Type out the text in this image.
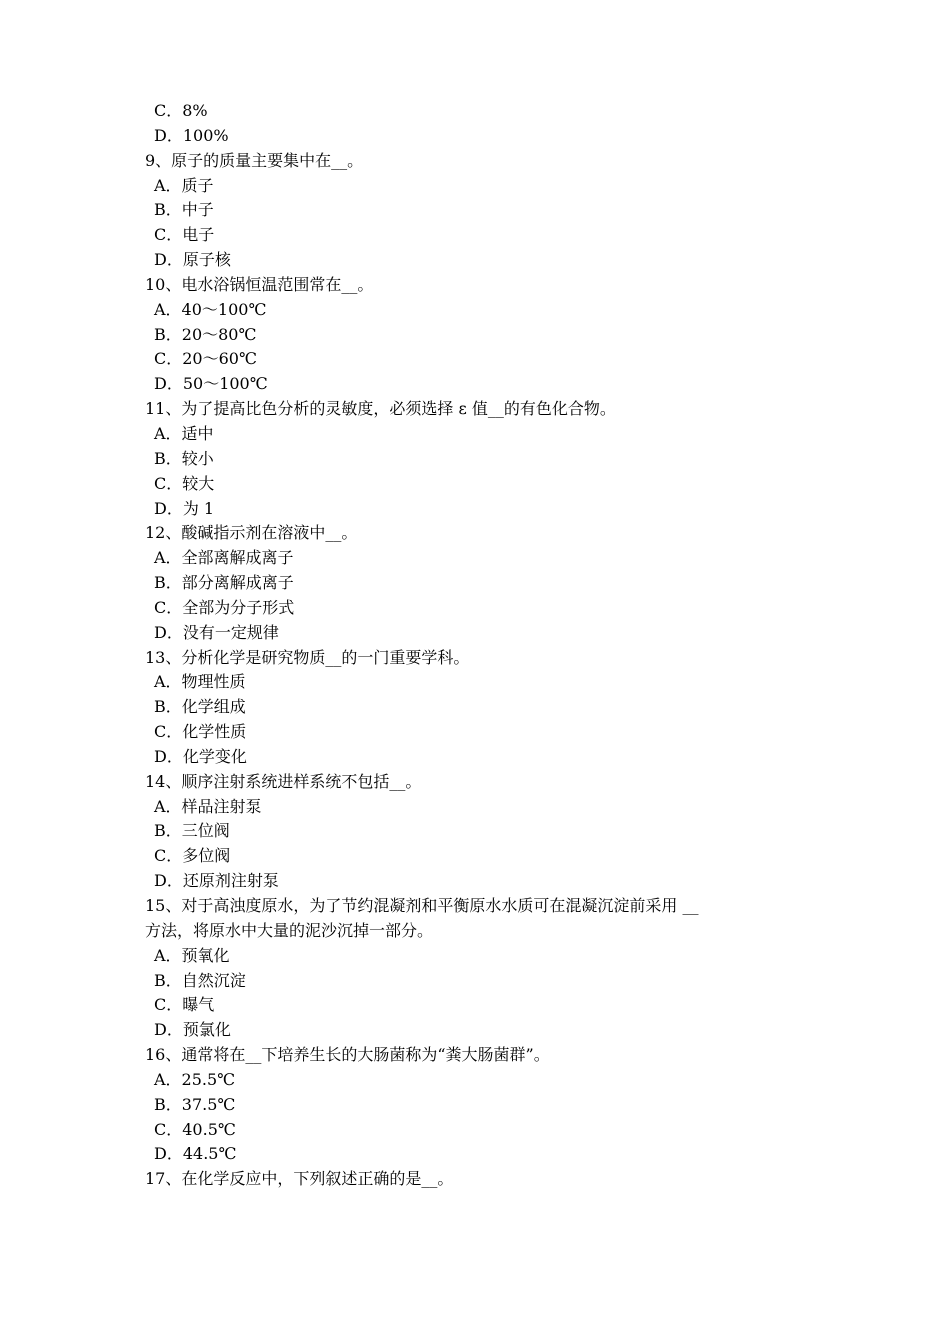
C．8%
D．100%
9、原子的质量主要集中在__。
A．质子
B．中子
C．电子
D．原子核
10、电水浴锅恒温范围常在__。
A．40～100℃
B．20～80℃
C．20～60℃
D．50～100℃
11、为了提高比色分析的灵敏度，必须选择 ε 值__的有色化合物。
A．适中
B．较小
C．较大
D．为 1
12、酸碱指示剂在溶液中__。
A．全部离解成离子
B．部分离解成离子
C．全部为分子形式
D．没有一定规律
13、分析化学是研究物质__的一门重要学科。
A．物理性质
B．化学组成
C．化学性质
D．化学变化
14、顺序注射系统进样系统不包括__。
A．样品注射泵
B．三位阀
C．多位阀
D．还原剂注射泵
15、对于高浊度原水，为了节约混凝剂和平衡原水水质可在混凝沉淀前采用 __
方法，将原水中大量的泥沙沉掉一部分。
A．预氧化
B．自然沉淀
C．曝气
D．预氯化
16、通常将在__下培养生长的大肠菌称为“粪大肠菌群”。
A．25.5℃
B．37.5℃
C．40.5℃
D．44.5℃
17、在化学反应中，下列叙述正确的是__。
